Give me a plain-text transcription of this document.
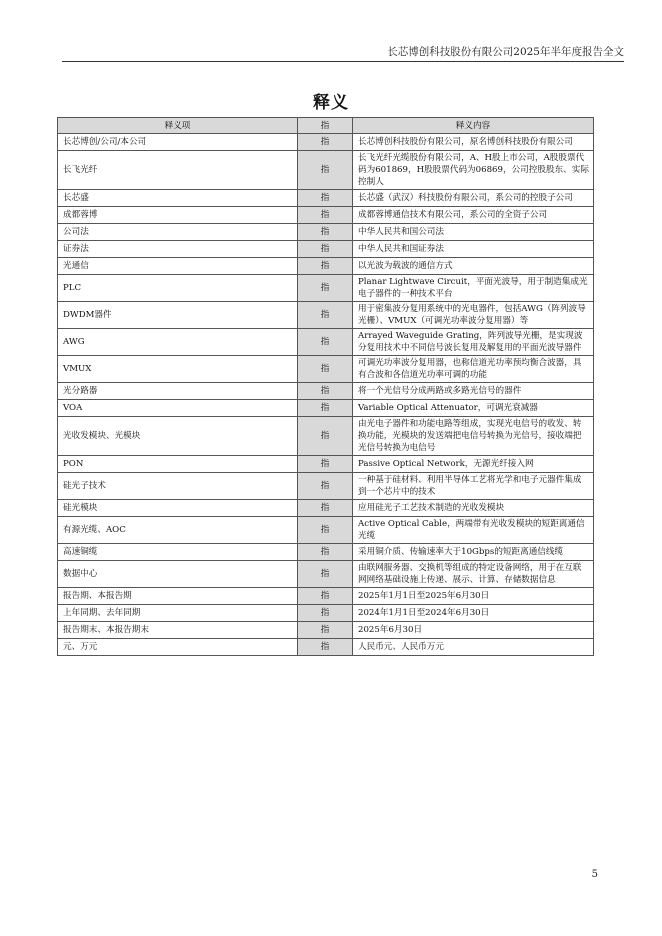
长芯博创科技股份有限公司2025年半年度报告全文
释义
释义项	指	释义内容
长芯博创/公司/本公司	指	长芯博创科技股份有限公司，原名博创科技股份有限公司
长飞光纤	指	长飞光纤光缆股份有限公司，A、H股上市公司，A股股票代码为601869，H股股票代码为06869，公司控股股东、实际控制人
长芯盛	指	长芯盛（武汉）科技股份有限公司，系公司的控股子公司
成都蓉博	指	成都蓉博通信技术有限公司，系公司的全资子公司
公司法	指	中华人民共和国公司法
证券法	指	中华人民共和国证券法
光通信	指	以光波为载波的通信方式
PLC	指	Planar Lightwave Circuit，平面光波导，用于制造集成光电子器件的一种技术平台
DWDM器件	指	用于密集波分复用系统中的光电器件，包括AWG（阵列波导光栅）、VMUX（可调光功率波分复用器）等
AWG	指	Arrayed Waveguide Grating，阵列波导光栅，是实现波分复用技术中不同信号波长复用及解复用的平面光波导器件
VMUX	指	可调光功率波分复用器，也称信道光功率预均衡合波器，具有合波和各信道光功率可调的功能
光分路器	指	将一个光信号分成两路或多路光信号的器件
VOA	指	Variable Optical Attenuator，可调光衰减器
光收发模块、光模块	指	由光电子器件和功能电路等组成，实现光电信号的收发、转换功能，光模块的发送端把电信号转换为光信号，接收端把光信号转换为电信号
PON	指	Passive Optical Network，无源光纤接入网
硅光子技术	指	一种基于硅材料、利用半导体工艺将光学和电子元器件集成到一个芯片中的技术
硅光模块	指	应用硅光子工艺技术制造的光收发模块
有源光缆、AOC	指	Active Optical Cable，两端带有光收发模块的短距离通信光缆
高速铜缆	指	采用铜介质、传输速率大于10Gbps的短距离通信线缆
数据中心	指	由联网服务器、交换机等组成的特定设备网络，用于在互联网网络基础设施上传递、展示、计算、存储数据信息
报告期、本报告期	指	2025年1月1日至2025年6月30日
上年同期、去年同期	指	2024年1月1日至2024年6月30日
报告期末、本报告期末	指	2025年6月30日
元、万元	指	人民币元、人民币万元
5
